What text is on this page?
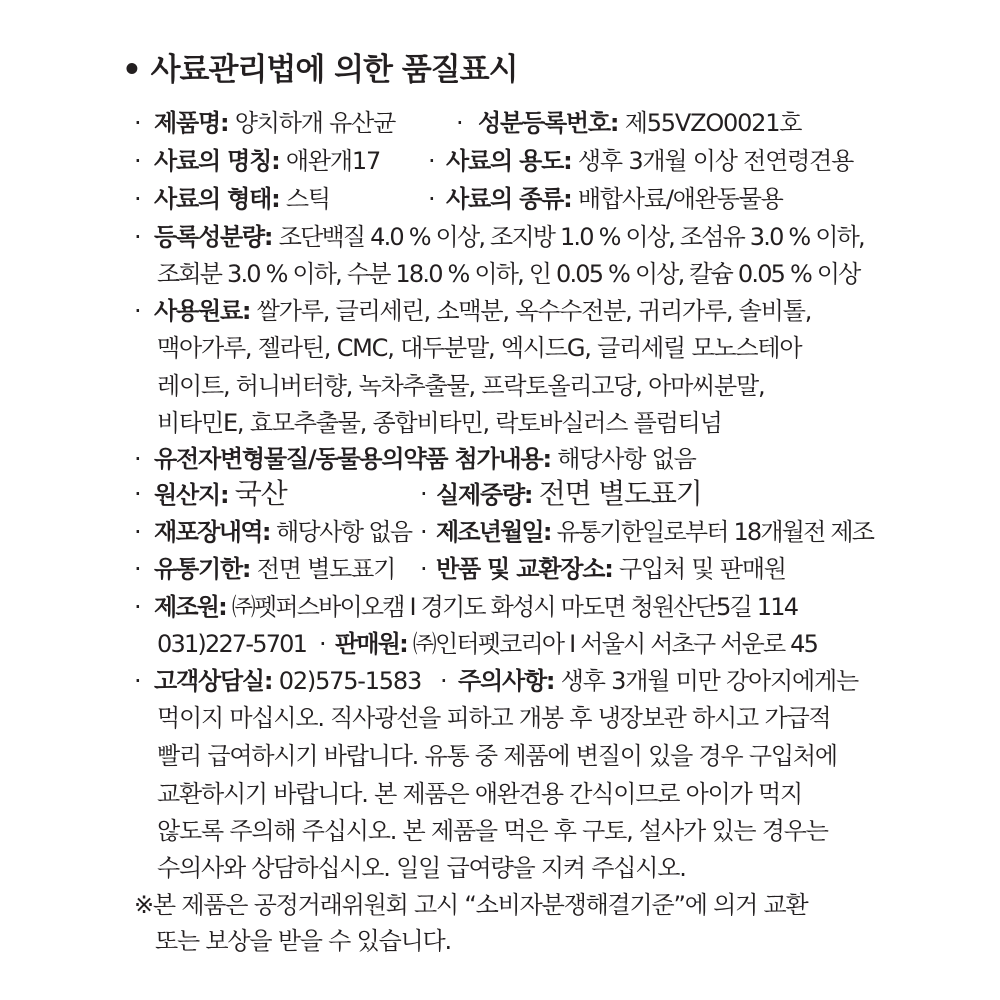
• 사료관리법에 의한 품질표시
· 제품명: 양치하개 유산균	· 성분등록번호: 제55VZO0021호
· 사료의 명칭: 애완개17 · 사료의 용도: 생후 3개월 이상 전연령견용
· 사료의 형태: 스틱	· 사료의 종류: 배합사료/애완동물용
· 등록성분량: 조단백질 4.0 % 이상, 조지방 1.0 % 이상, 조섬유 3.0 % 이하,
조회분 3.0 % 이하, 수분 18.0 % 이하, 인 0.05 % 이상, 칼슘 0.05 % 이상
· 사용원료: 쌀가루, 글리세린, 소맥분, 옥수수전분, 귀리가루, 솔비톨,
맥아가루, 젤라틴, CMC, 대두분말, 엑시드G, 글리세릴 모노스테아
레이트, 허니버터향, 녹차추출물, 프락토올리고당, 아마씨분말,
비타민E, 효모추출물, 종합비타민, 락토바실러스 플럼티넘
· 유전자변형물질/동물용의약품 첨가내용: 해당사항 없음
· 원산지: 국산	· 실제중량: 전면 별도표기
· 재포장내역: 해당사항 없음 · 제조년월일: 유통기한일로부터 18개월전 제조
· 유통기한: 전면 별도표기 · 반품 및 교환장소: 구입처 및 판매원
· 제조원: ㈜펫퍼스바이오캠 I 경기도 화성시 마도면 청원산단5길 114
031)227-5701 · 판매원: ㈜인터펫코리아 I 서울시 서초구 서운로 45
· 고객상담실: 02)575-1583 · 주의사항: 생후 3개월 미만 강아지에게는
먹이지 마십시오. 직사광선을 피하고 개봉 후 냉장보관 하시고 가급적
빨리 급여하시기 바랍니다. 유통 중 제품에 변질이 있을 경우 구입처에
교환하시기 바랍니다. 본 제품은 애완견용 간식이므로 아이가 먹지
않도록 주의해 주십시오. 본 제품을 먹은 후 구토, 설사가 있는 경우는
수의사와 상담하십시오. 일일 급여량을 지켜 주십시오.
※본 제품은 공정거래위원회 고시 “소비자분쟁해결기준”에 의거 교환
또는 보상을 받을 수 있습니다.
